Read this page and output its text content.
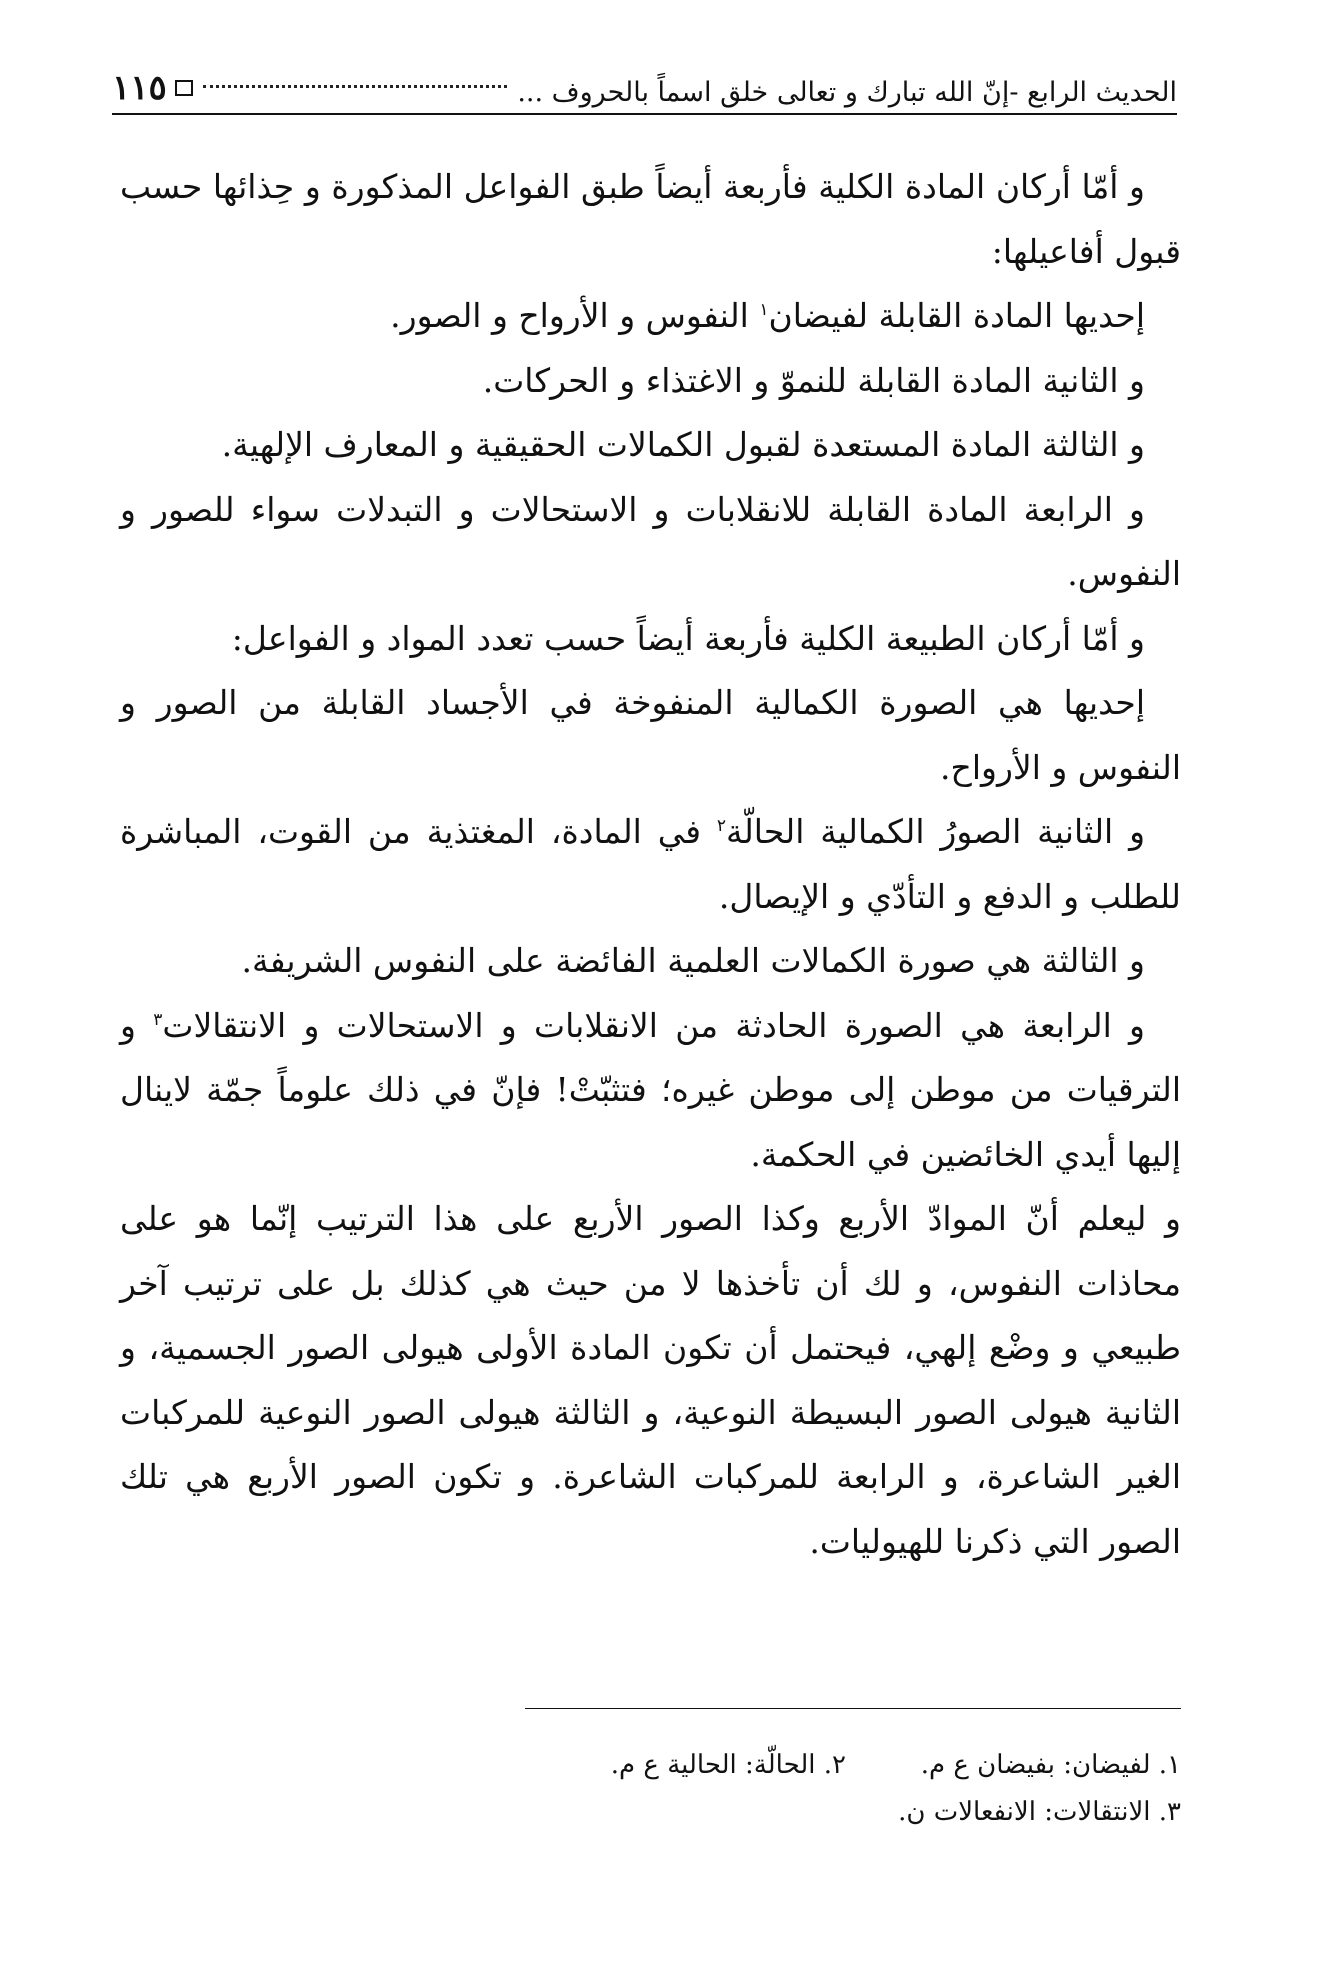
الحديث الرابع -إنّ الله تبارك و تعالى خلق اسماً بالحروف ...
١١٥

و أمّا أركان المادة الكلية فأربعة أيضاً طبق الفواعل المذكورة و حِذائها حسب قبول أفاعيلها:

إحديها المادة القابلة لفيضان$^١$ النفوس و الأرواح و الصور.

و الثانية المادة القابلة للنموّ و الاغتذاء و الحركات.

و الثالثة المادة المستعدة لقبول الكمالات الحقيقية و المعارف الإلهية.

و الرابعة المادة القابلة للانقلابات و الاستحالات و التبدلات سواء للصور و النفوس.

و أمّا أركان الطبيعة الكلية فأربعة أيضاً حسب تعدد المواد و الفواعل:

إحديها هي الصورة الكمالية المنفوخة في الأجساد القابلة من الصور و النفوس و الأرواح.

و الثانية الصورُ الكمالية الحالّة$^٢$ في المادة، المغتذية من القوت، المباشرة للطلب و الدفع و التأدّي و الإيصال.

و الثالثة هي صورة الكمالات العلمية الفائضة على النفوس الشريفة.

و الرابعة هي الصورة الحادثة من الانقلابات و الاستحالات و الانتقالات$^٣$ و الترقيات من موطن إلى موطن غيره؛ فتثبّتْ! فإنّ في ذلك علوماً جمّة لاينال إليها أيدي الخائضين في الحكمة.

و ليعلم أنّ الموادّ الأربع وكذا الصور الأربع على هذا الترتيب إنّما هو على محاذات النفوس، و لك أن تأخذها لا من حيث هي كذلك بل على ترتيب آخر طبيعي و وضْع إلهي، فيحتمل أن تكون المادة الأولى هيولى الصور الجسمية، و الثانية هيولى الصور البسيطة النوعية، و الثالثة هيولى الصور النوعية للمركبات الغير الشاعرة، و الرابعة للمركبات الشاعرة. و تكون الصور الأربع هي تلك الصور التي ذكرنا للهيوليات.

١. لفيضان: بفيضان ع م.
٢. الحالّة: الحالية ع م.
٣. الانتقالات: الانفعالات ن.
